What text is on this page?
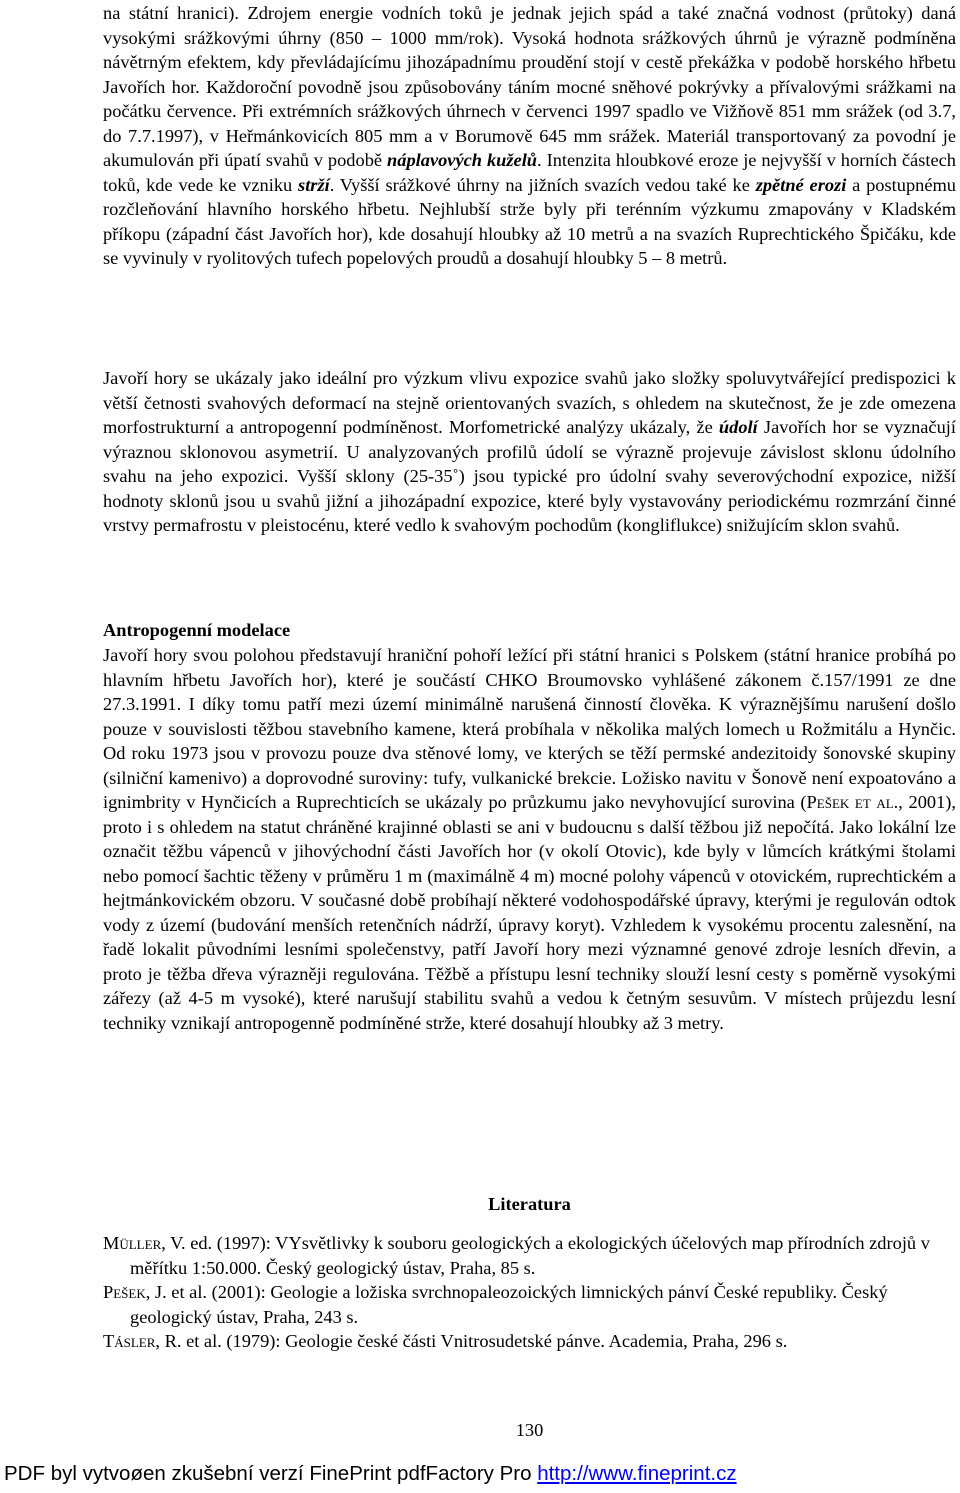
na státní hranici). Zdrojem energie vodních toků je jednak jejich spád a také značná vodnost (průtoky) daná vysokými srážkovými úhrny (850 – 1000 mm/rok). Vysoká hodnota srážkových úhrnů je výrazně podmíněna návětrným efektem, kdy převládajícímu jihozápadnímu proudění stojí v cestě překážka v podobě horského hřbetu Javořích hor. Každoroční povodně jsou způsobovány táním mocné sněhové pokrývky a přívalovými srážkami na počátku července. Při extrémních srážkových úhrnech v červenci 1997 spadlo ve Vižňově 851 mm srážek (od 3.7, do 7.7.1997), v Heřmánkovicích 805 mm a v Borumově 645 mm srážek. Materiál transportovaný za povodní je akumulován při úpatí svahů v podobě náplavových kuželů. Intenzita hloubkové eroze je nejvyšší v horních částech toků, kde vede ke vzniku strží. Vyšší srážkové úhrny na jižních svazích vedou také ke zpětné erozi a postupnému rozčleňování hlavního horského hřbetu. Nejhlubší strže byly při terénním výzkumu zmapovány v Kladském příkopu (západní část Javořích hor), kde dosahují hloubky až 10 metrů a na svazích Ruprechtického Špičáku, kde se vyvinuly v ryolitových tufech popelových proudů a dosahují hloubky 5 – 8 metrů.

Javoří hory se ukázaly jako ideální pro výzkum vlivu expozice svahů jako složky spoluvytvářející predispozici k větší četnosti svahových deformací na stejně orientovaných svazích, s ohledem na skutečnost, že je zde omezena morfostrukturní a antropogenní podmíněnost. Morfometrické analýzy ukázaly, že údolí Javořích hor se vyznačují výraznou sklonovou asymetrií. U analyzovaných profilů údolí se výrazně projevuje závislost sklonu údolního svahu na jeho expozici. Vyšší sklony (25-35˚) jsou typické pro údolní svahy severovýchodní expozice, nižší hodnoty sklonů jsou u svahů jižní a jihozápadní expozice, které byly vystavovány periodickému rozmrzání činné vrstvy permafrostu v pleistocénu, které vedlo k svahovým pochodům (kongliflukce) snižujícím sklon svahů.

Antropogenní modelace

Javoří hory svou polohou představují hraniční pohoří ležící při státní hranici s Polskem (státní hranice probíhá po hlavním hřbetu Javořích hor), které je součástí CHKO Broumovsko vyhlášené zákonem č.157/1991 ze dne 27.3.1991. I díky tomu patří mezi území minimálně narušená činností člověka. K výraznějšímu narušení došlo pouze v souvislosti těžbou stavebního kamene, která probíhala v několika malých lomech u Rožmitálu a Hynčic. Od roku 1973 jsou v provozu pouze dva stěnové lomy, ve kterých se těží permské andezitoidy šonovské skupiny (silniční kamenivo) a doprovodné suroviny: tufy, vulkanické brekcie. Ložisko navitu v Šonově není expoatováno a ignimbrity v Hynčicích a Ruprechticích se ukázaly po průzkumu jako nevyhovující surovina (Pešek et al., 2001), proto i s ohledem na statut chráněné krajinné oblasti se ani v budoucnu s další těžbou již nepočítá. Jako lokální lze označit těžbu vápenců v jihovýchodní části Javořích hor (v okolí Otovic), kde byly v lůmcích krátkými štolami nebo pomocí šachtic těženy v průměru 1 m (maximálně 4 m) mocné polohy vápenců v otovickém, ruprechtickém a hejtmánkovickém obzoru. V současné době probíhají některé vodohospodářské úpravy, kterými je regulován odtok vody z území (budování menších retenčních nádrží, úpravy koryt). Vzhledem k vysokému procentu zalesnění, na řadě lokalit původními lesními společenstvy, patří Javoří hory mezi významné genové zdroje lesních dřevin, a proto je těžba dřeva výrazněji regulována. Těžbě a přístupu lesní techniky slouží lesní cesty s poměrně vysokými zářezy (až 4-5 m vysoké), které narušují stabilitu svahů a vedou k četným sesuvům. V místech průjezdu lesní techniky vznikají antropogenně podmíněné strže, které dosahují hloubky až 3 metry.

Literatura

Müller, V. ed. (1997): VYsvětlivky k souboru geologických a ekologických účelových map přírodních zdrojů v měřítku 1:50.000. Český geologický ústav, Praha, 85 s.

Pešek, J. et al. (2001): Geologie a ložiska svrchnopaleozoických limnických pánví České republiky. Český geologický ústav, Praha, 243 s.

Tásler, R. et al. (1979): Geologie české části Vnitrosudetské pánve. Academia, Praha, 296 s.

130
PDF byl vytvoøen zkušební verzí FinePrint pdfFactory Pro http://www.fineprint.cz
